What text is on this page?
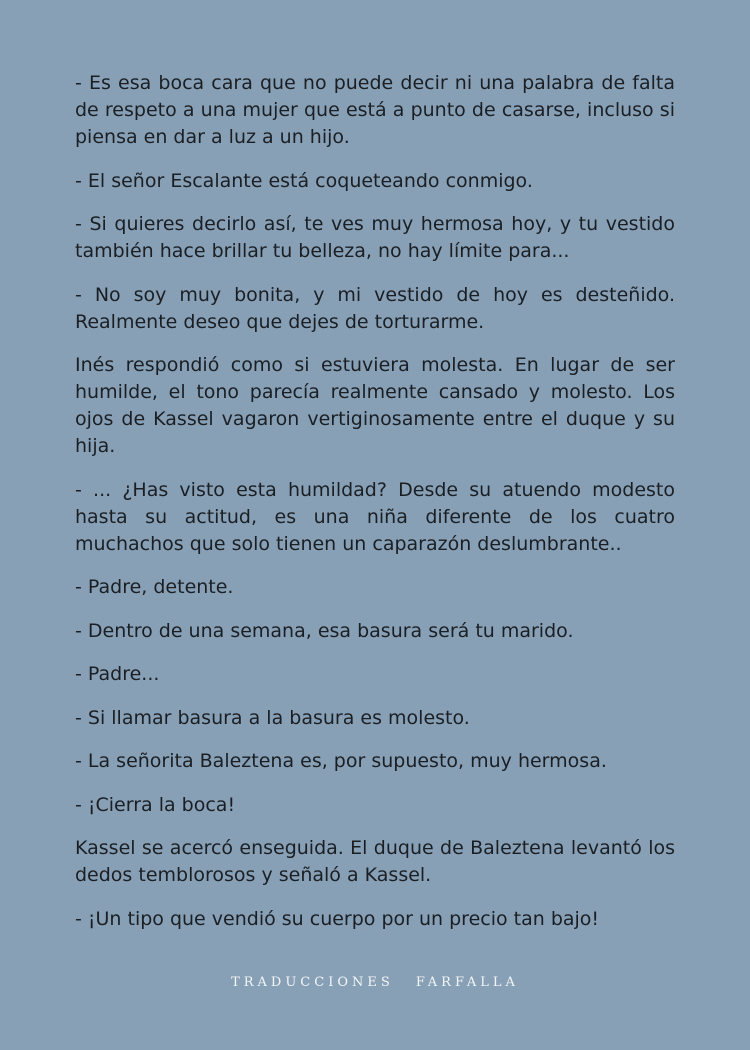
- Es esa boca cara que no puede decir ni una palabra de falta de respeto a una mujer que está a punto de casarse, incluso si piensa en dar a luz a un hijo.

- El señor Escalante está coqueteando conmigo.

- Si quieres decirlo así, te ves muy hermosa hoy, y tu vestido también hace brillar tu belleza, no hay límite para...

- No soy muy bonita, y mi vestido de hoy es desteñido. Realmente deseo que dejes de torturarme.

Inés respondió como si estuviera molesta. En lugar de ser humilde, el tono parecía realmente cansado y molesto. Los ojos de Kassel vagaron vertiginosamente entre el duque y su hija.

- ... ¿Has visto esta humildad? Desde su atuendo modesto hasta su actitud, es una niña diferente de los cuatro muchachos que solo tienen un caparazón deslumbrante..

- Padre, detente.

- Dentro de una semana, esa basura será tu marido.

- Padre...

- Si llamar basura a la basura es molesto.

- La señorita Baleztena es, por supuesto, muy hermosa.

- ¡Cierra la boca!

Kassel se acercó enseguida. El duque de Baleztena levantó los dedos temblorosos y señaló a Kassel.

- ¡Un tipo que vendió su cuerpo por un precio tan bajo!

TRADUCCIONES FARFALLA
